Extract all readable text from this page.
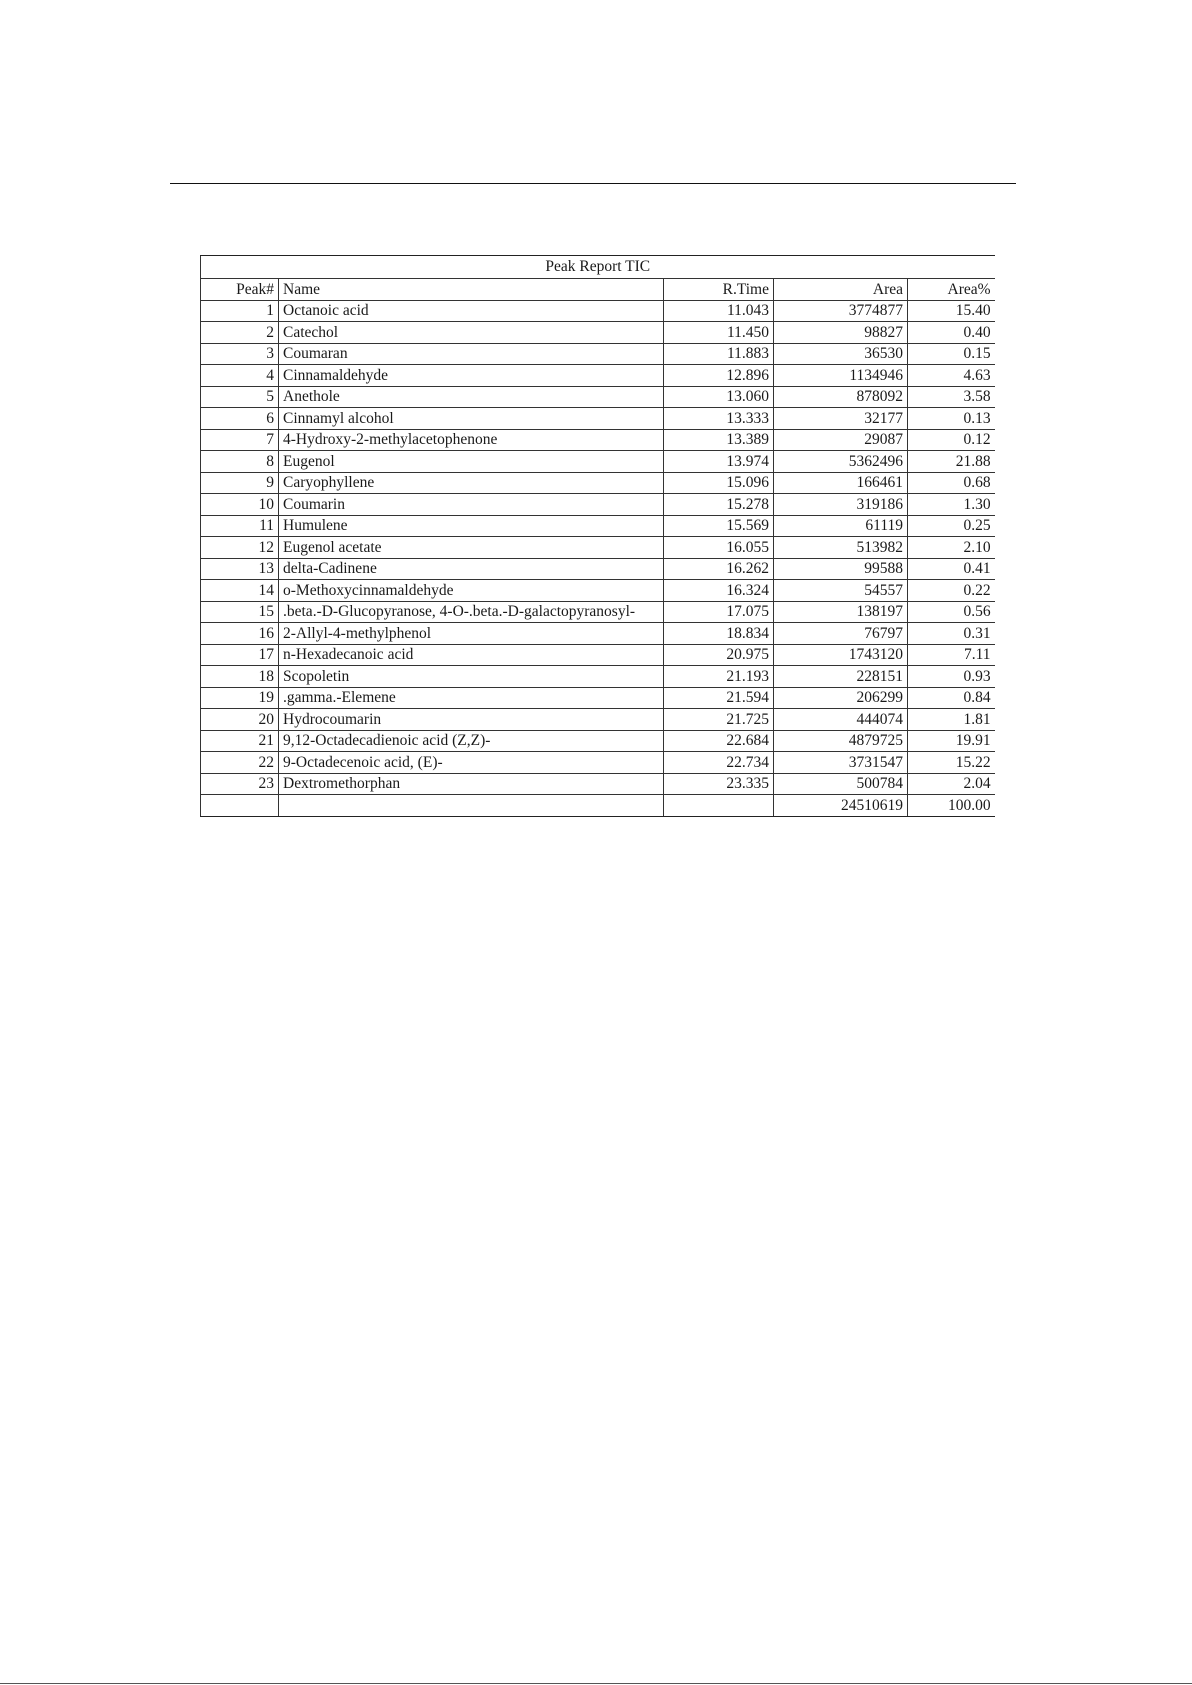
Peak Report TIC				
Peak#	Name	R.Time	Area	Area%
1	Octanoic acid	11.043	3774877	15.40
2	Catechol	11.450	98827	0.40
3	Coumaran	11.883	36530	0.15
4	Cinnamaldehyde	12.896	1134946	4.63
5	Anethole	13.060	878092	3.58
6	Cinnamyl alcohol	13.333	32177	0.13
7	4-Hydroxy-2-methylacetophenone	13.389	29087	0.12
8	Eugenol	13.974	5362496	21.88
9	Caryophyllene	15.096	166461	0.68
10	Coumarin	15.278	319186	1.30
11	Humulene	15.569	61119	0.25
12	Eugenol acetate	16.055	513982	2.10
13	delta-Cadinene	16.262	99588	0.41
14	o-Methoxycinnamaldehyde	16.324	54557	0.22
15	.beta.-D-Glucopyranose, 4-O-.beta.-D-galactopyranosyl-	17.075	138197	0.56
16	2-Allyl-4-methylphenol	18.834	76797	0.31
17	n-Hexadecanoic acid	20.975	1743120	7.11
18	Scopoletin	21.193	228151	0.93
19	.gamma.-Elemene	21.594	206299	0.84
20	Hydrocoumarin	21.725	444074	1.81
21	9,12-Octadecadienoic acid (Z,Z)-	22.684	4879725	19.91
22	9-Octadecenoic acid, (E)-	22.734	3731547	15.22
23	Dextromethorphan	23.335	500784	2.04
			24510619	100.00
